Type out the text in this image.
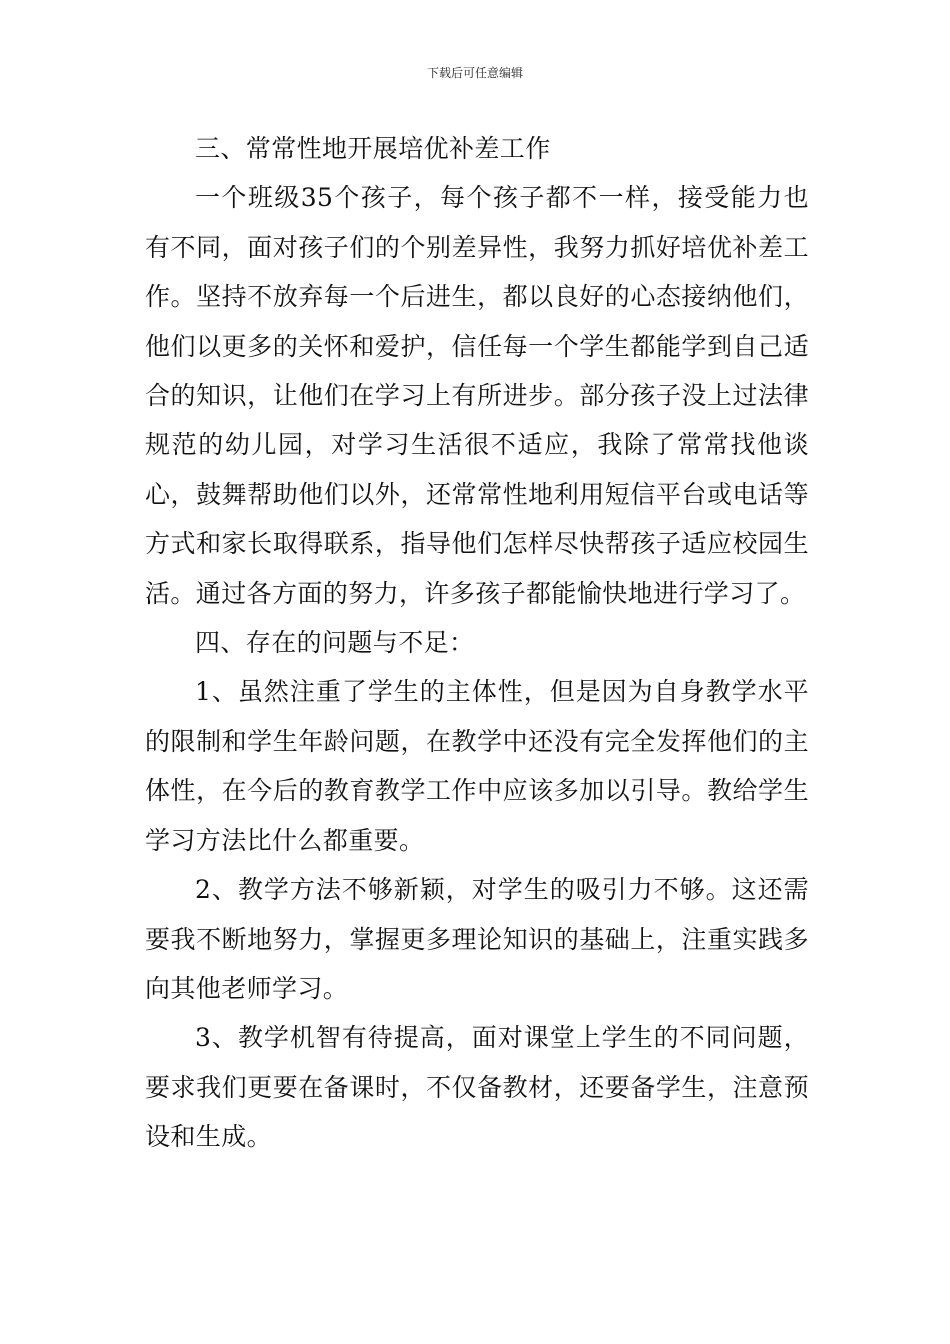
下载后可任意编辑

三、常常性地开展培优补差工作

一个班级35个孩子，每个孩子都不一样，接受能力也有不同，面对孩子们的个别差异性，我努力抓好培优补差工作。坚持不放弃每一个后进生，都以良好的心态接纳他们，他们以更多的关怀和爱护，信任每一个学生都能学到自己适合的知识，让他们在学习上有所进步。部分孩子没上过法律规范的幼儿园，对学习生活很不适应，我除了常常找他谈心，鼓舞帮助他们以外，还常常性地利用短信平台或电话等方式和家长取得联系，指导他们怎样尽快帮孩子适应校园生活。通过各方面的努力，许多孩子都能愉快地进行学习了。

四、存在的问题与不足：

1、虽然注重了学生的主体性，但是因为自身教学水平的限制和学生年龄问题，在教学中还没有完全发挥他们的主体性，在今后的教育教学工作中应该多加以引导。教给学生学习方法比什么都重要。

2、教学方法不够新颖，对学生的吸引力不够。这还需要我不断地努力，掌握更多理论知识的基础上，注重实践多向其他老师学习。

3、教学机智有待提高，面对课堂上学生的不同问题，要求我们更要在备课时，不仅备教材，还要备学生，注意预设和生成。
